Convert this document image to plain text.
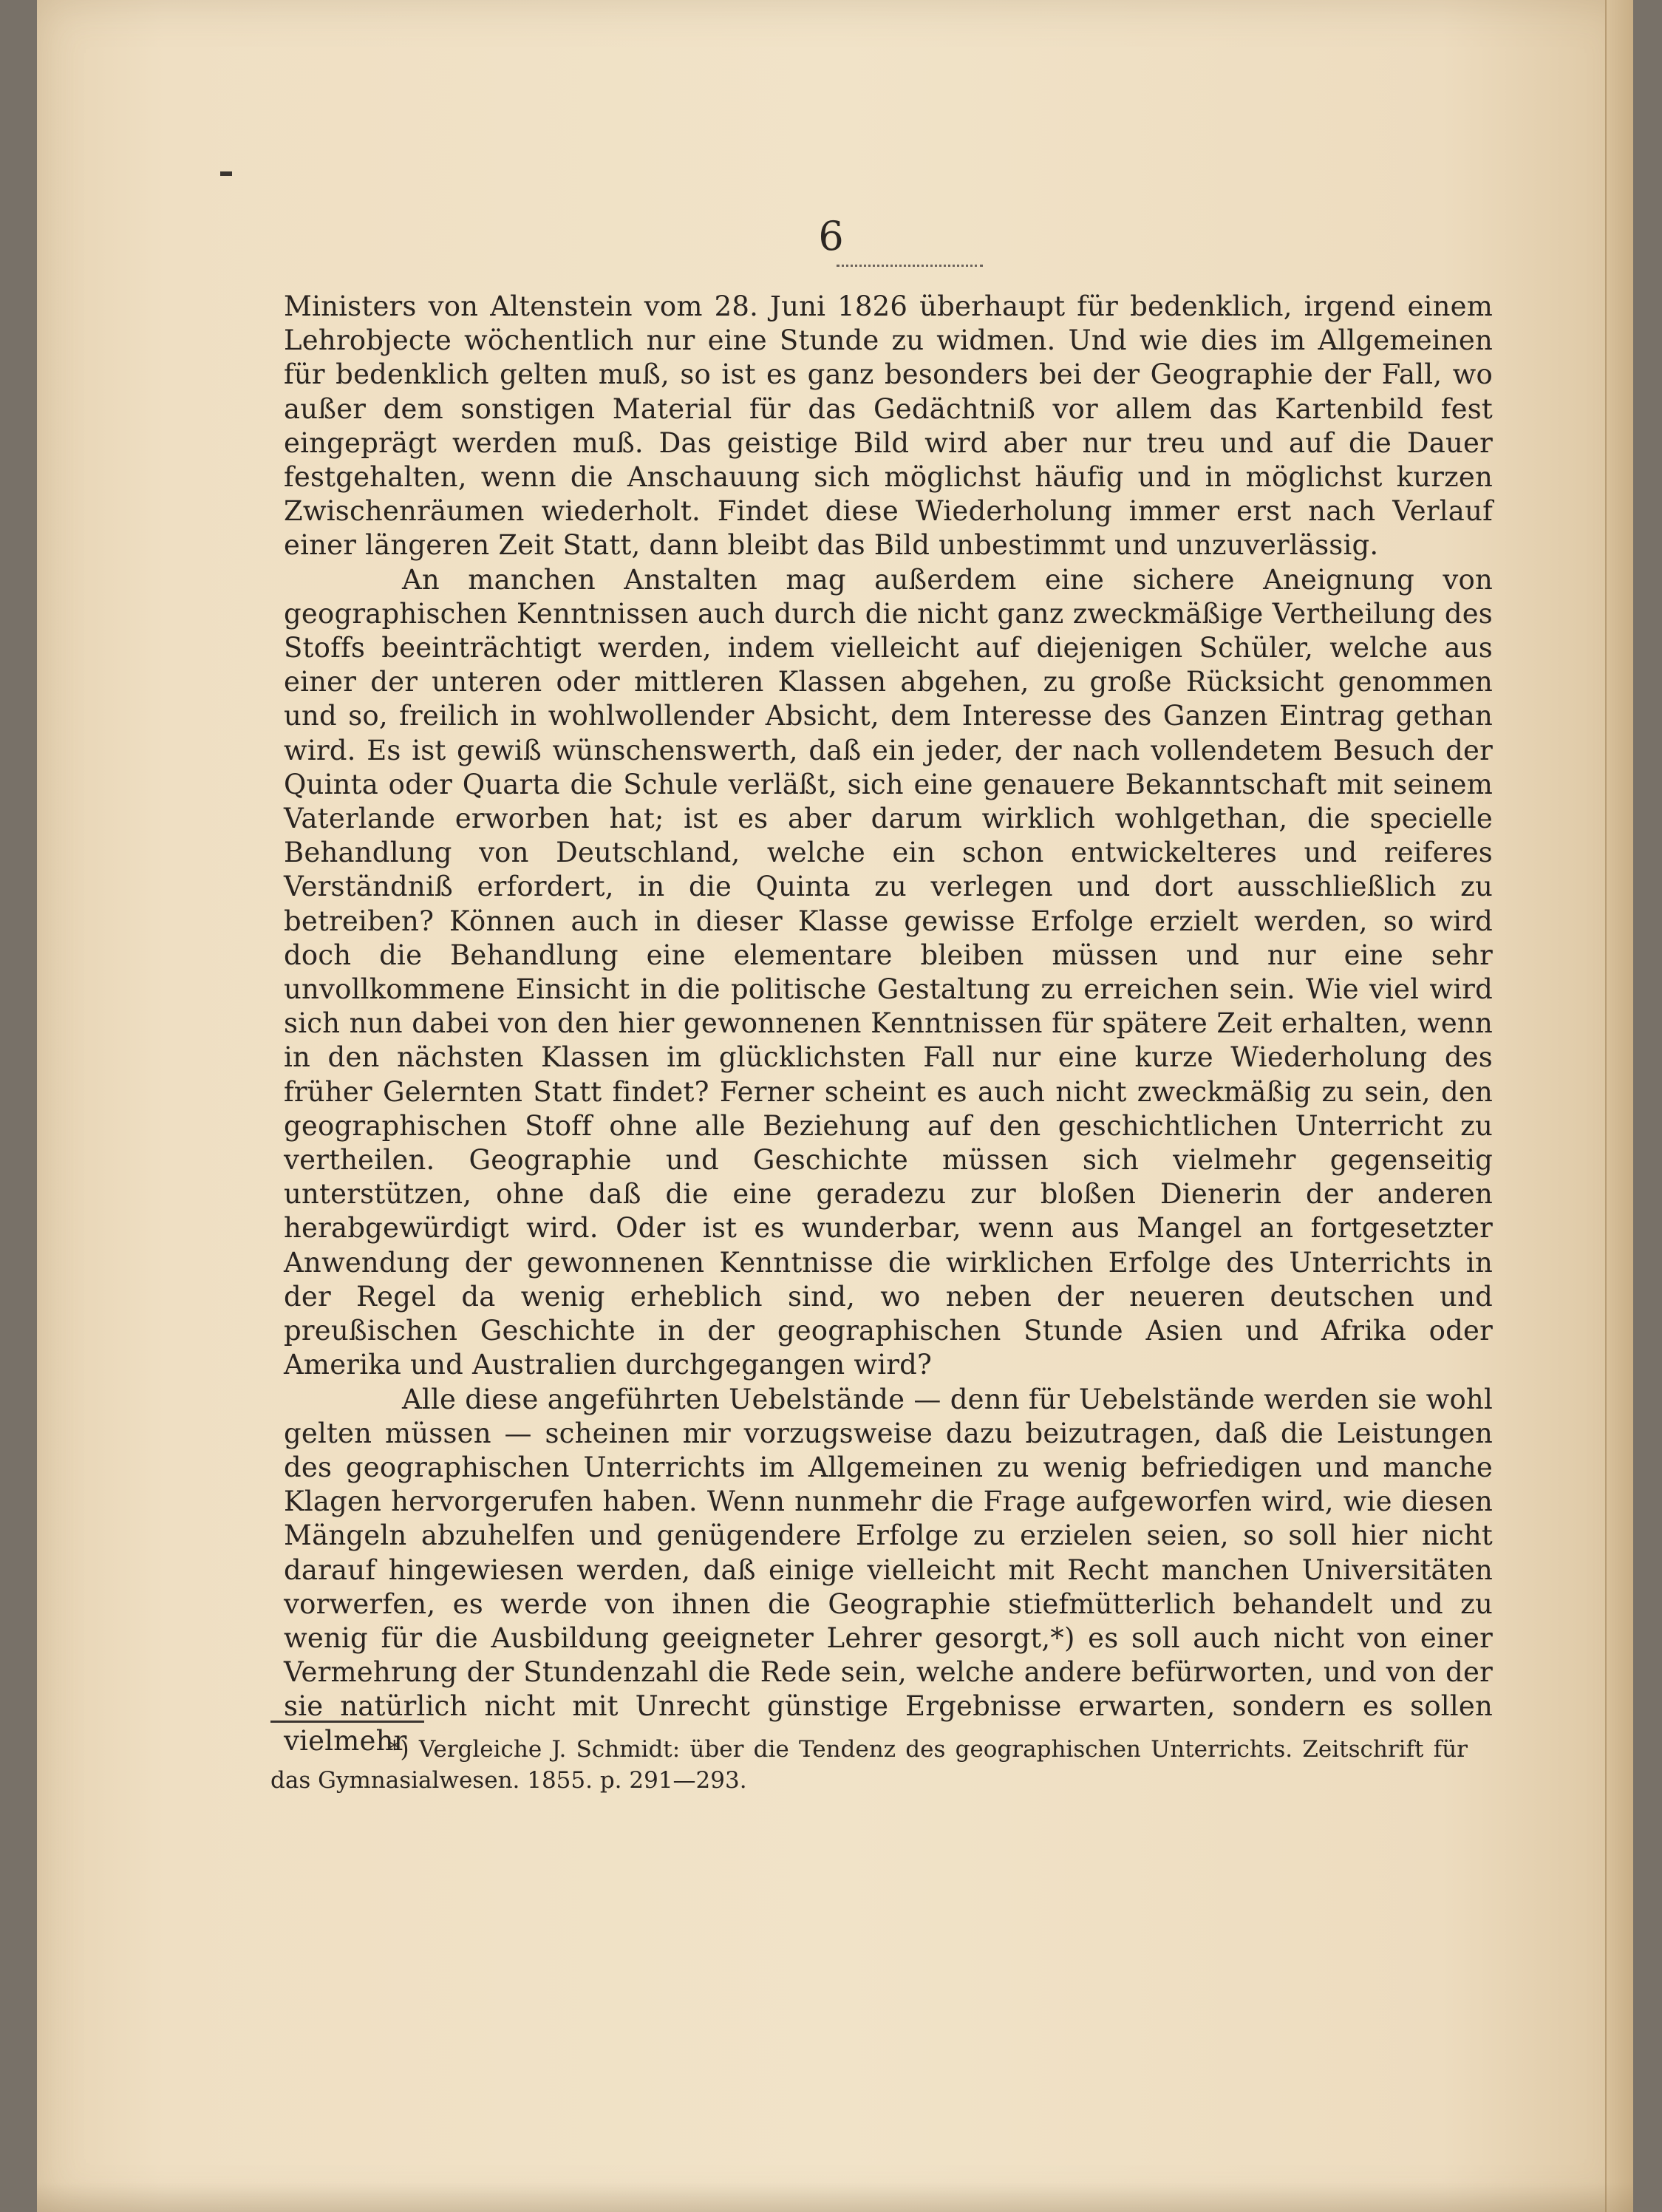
6

Ministers von Altenstein vom 28. Juni 1826 überhaupt für bedenklich, irgend einem Lehrobjecte wöchentlich nur eine Stunde zu widmen. Und wie dies im Allgemeinen für bedenklich gelten muß, so ist es ganz besonders bei der Geographie der Fall, wo außer dem sonstigen Material für das Gedächtniß vor allem das Kartenbild fest eingeprägt werden muß. Das geistige Bild wird aber nur treu und auf die Dauer festgehalten, wenn die Anschauung sich möglichst häufig und in möglichst kurzen Zwischenräumen wiederholt. Findet diese Wiederholung immer erst nach Verlauf einer längeren Zeit Statt, dann bleibt das Bild unbestimmt und unzuverlässig.

An manchen Anstalten mag außerdem eine sichere Aneignung von geographischen Kenntnissen auch durch die nicht ganz zweckmäßige Vertheilung des Stoffs beeinträchtigt werden, indem vielleicht auf diejenigen Schüler, welche aus einer der unteren oder mittleren Klassen abgehen, zu große Rücksicht genommen und so, freilich in wohlwollender Absicht, dem Interesse des Ganzen Eintrag gethan wird. Es ist gewiß wünschenswerth, daß ein jeder, der nach vollendetem Besuch der Quinta oder Quarta die Schule verläßt, sich eine genauere Bekanntschaft mit seinem Vaterlande erworben hat; ist es aber darum wirklich wohlgethan, die specielle Behandlung von Deutschland, welche ein schon entwickelteres und reiferes Verständniß erfordert, in die Quinta zu verlegen und dort ausschließlich zu betreiben? Können auch in dieser Klasse gewisse Erfolge erzielt werden, so wird doch die Behandlung eine elementare bleiben müssen und nur eine sehr unvollkommene Einsicht in die politische Gestaltung zu erreichen sein. Wie viel wird sich nun dabei von den hier gewonnenen Kenntnissen für spätere Zeit erhalten, wenn in den nächsten Klassen im glücklichsten Fall nur eine kurze Wiederholung des früher Gelernten Statt findet? Ferner scheint es auch nicht zweckmäßig zu sein, den geographischen Stoff ohne alle Beziehung auf den geschichtlichen Unterricht zu vertheilen. Geographie und Geschichte müssen sich vielmehr gegenseitig unterstützen, ohne daß die eine geradezu zur bloßen Dienerin der anderen herabgewürdigt wird. Oder ist es wunderbar, wenn aus Mangel an fortgesetzter Anwendung der gewonnenen Kenntnisse die wirklichen Erfolge des Unterrichts in der Regel da wenig erheblich sind, wo neben der neueren deutschen und preußischen Geschichte in der geographischen Stunde Asien und Afrika oder Amerika und Australien durchgegangen wird?

Alle diese angeführten Uebelstände — denn für Uebelstände werden sie wohl gelten müssen — scheinen mir vorzugsweise dazu beizutragen, daß die Leistungen des geographischen Unterrichts im Allgemeinen zu wenig befriedigen und manche Klagen hervorgerufen haben. Wenn nunmehr die Frage aufgeworfen wird, wie diesen Mängeln abzuhelfen und genügendere Erfolge zu erzielen seien, so soll hier nicht darauf hingewiesen werden, daß einige vielleicht mit Recht manchen Universitäten vorwerfen, es werde von ihnen die Geographie stiefmütterlich behandelt und zu wenig für die Ausbildung geeigneter Lehrer gesorgt,*) es soll auch nicht von einer Vermehrung der Stundenzahl die Rede sein, welche andere befürworten, und von der sie natürlich nicht mit Unrecht günstige Ergebnisse erwarten, sondern es sollen vielmehr

*) Vergleiche J. Schmidt: über die Tendenz des geographischen Unterrichts. Zeitschrift für das Gymnasialwesen. 1855. p. 291—293.
